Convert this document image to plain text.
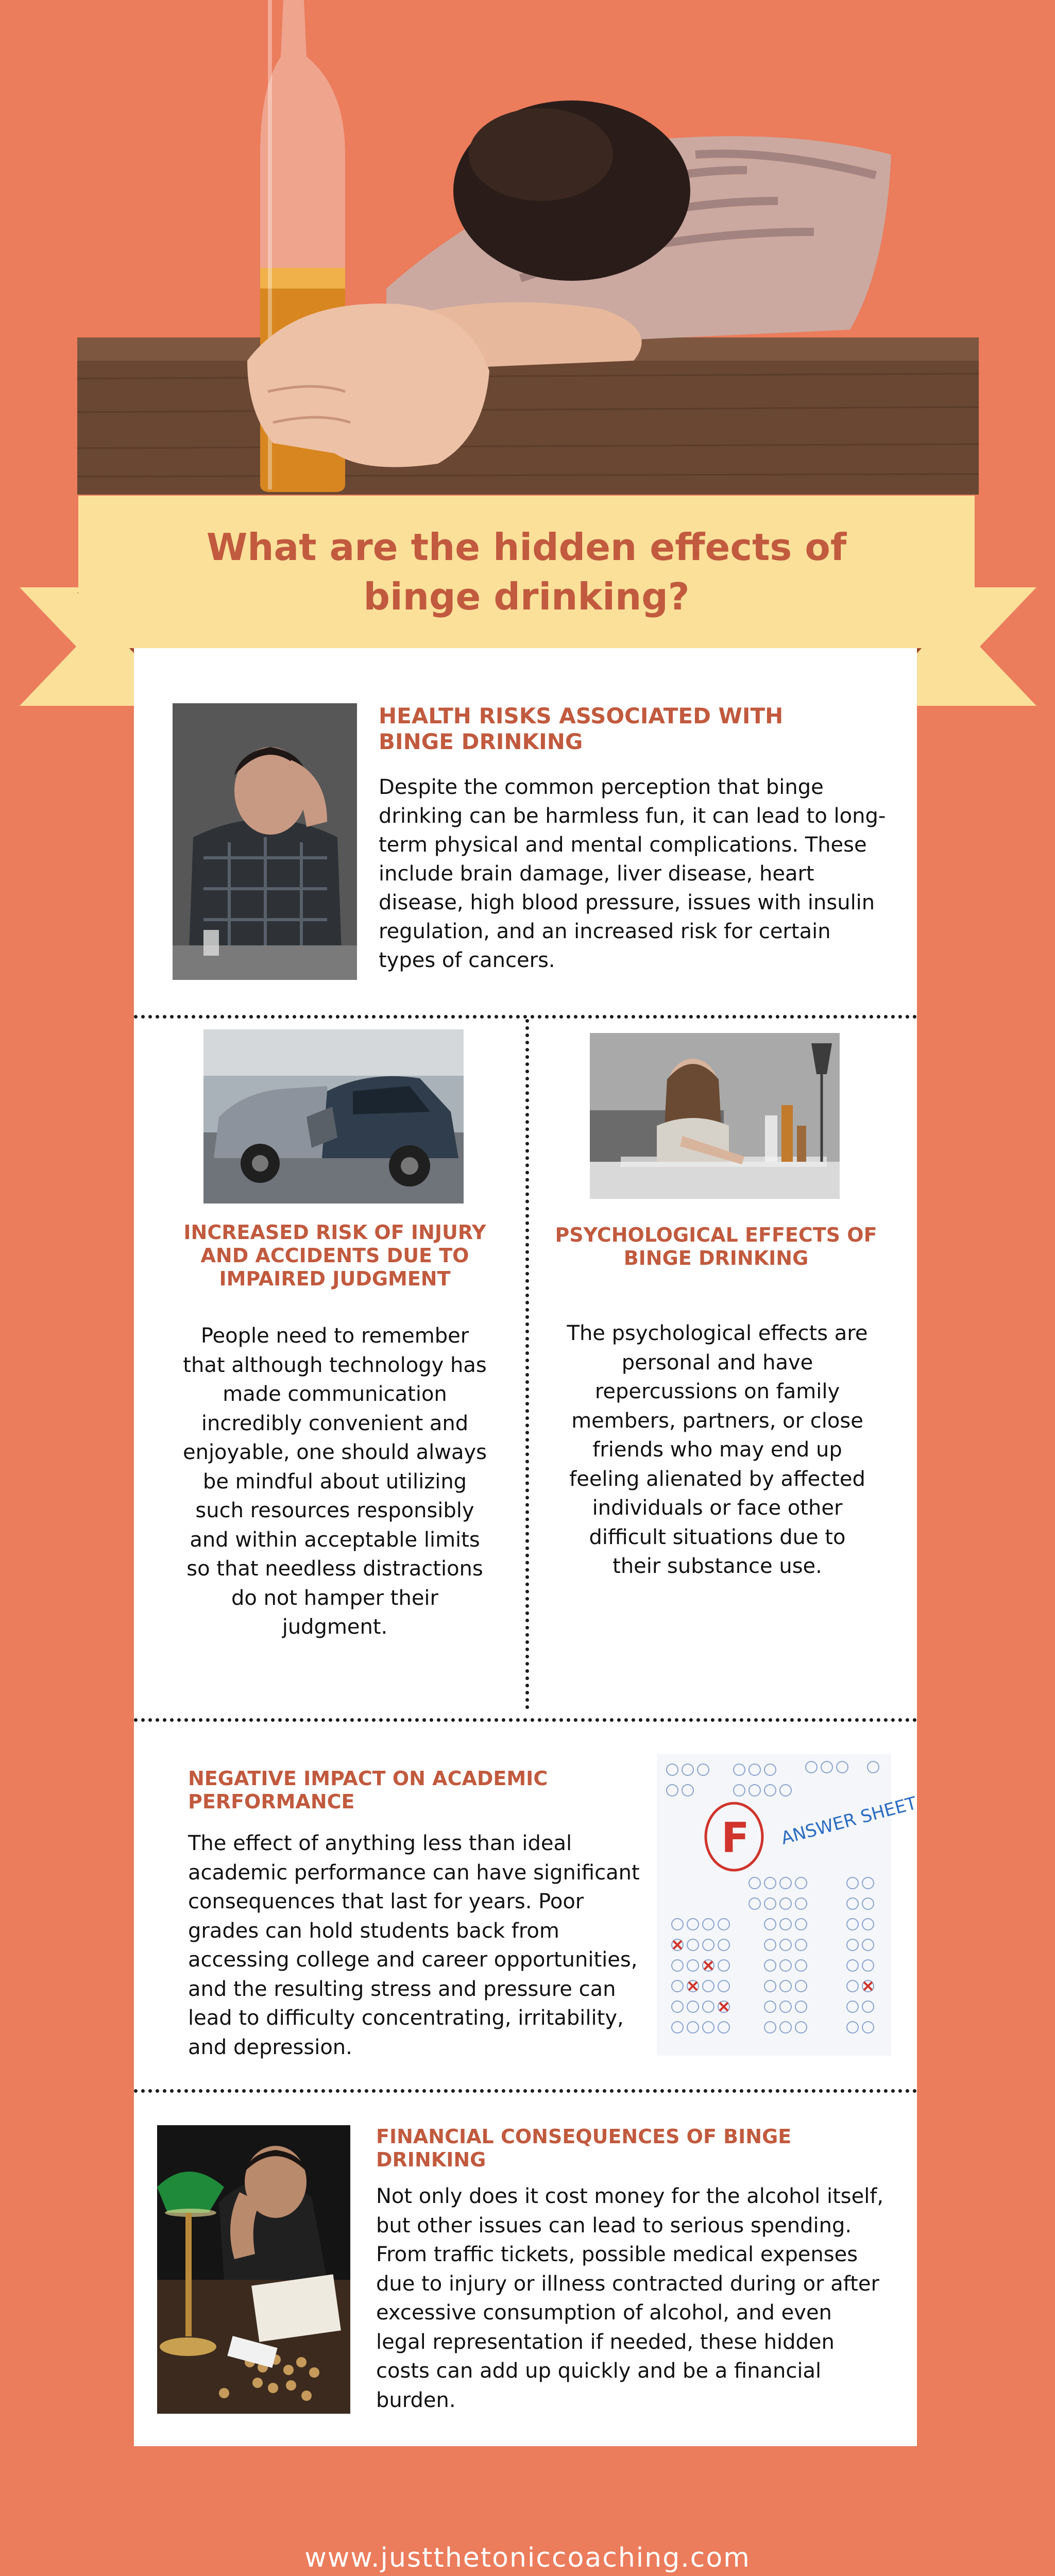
What are the hidden effects of binge drinking?
HEALTH RISKS ASSOCIATED WITH BINGE DRINKING

Despite the common perception that binge drinking can be harmless fun, it can lead to long-term physical and mental complications. These include brain damage, liver disease, heart disease, high blood pressure, issues with insulin regulation, and an increased risk for certain types of cancers.

INCREASED RISK OF INJURY AND ACCIDENTS DUE TO IMPAIRED JUDGMENT

People need to remember that although technology has made communication incredibly convenient and enjoyable, one should always be mindful about utilizing such resources responsibly and within acceptable limits so that needless distractions do not hamper their judgment.

PSYCHOLOGICAL EFFECTS OF BINGE DRINKING

The psychological effects are personal and have repercussions on family members, partners, or close friends who may end up feeling alienated by affected individuals or face other difficult situations due to their substance use.

NEGATIVE IMPACT ON ACADEMIC PERFORMANCE

The effect of anything less than ideal academic performance can have significant consequences that last for years. Poor grades can hold students back from accessing college and career opportunities, and the resulting stress and pressure can lead to difficulty concentrating, irritability, and depression.

ANSWER SHEET
F
FINANCIAL CONSEQUENCES OF BINGE DRINKING

Not only does it cost money for the alcohol itself, but other issues can lead to serious spending. From traffic tickets, possible medical expenses due to injury or illness contracted during or after excessive consumption of alcohol, and even legal representation if needed, these hidden costs can add up quickly and be a financial burden.

www.justthetoniccoaching.com
